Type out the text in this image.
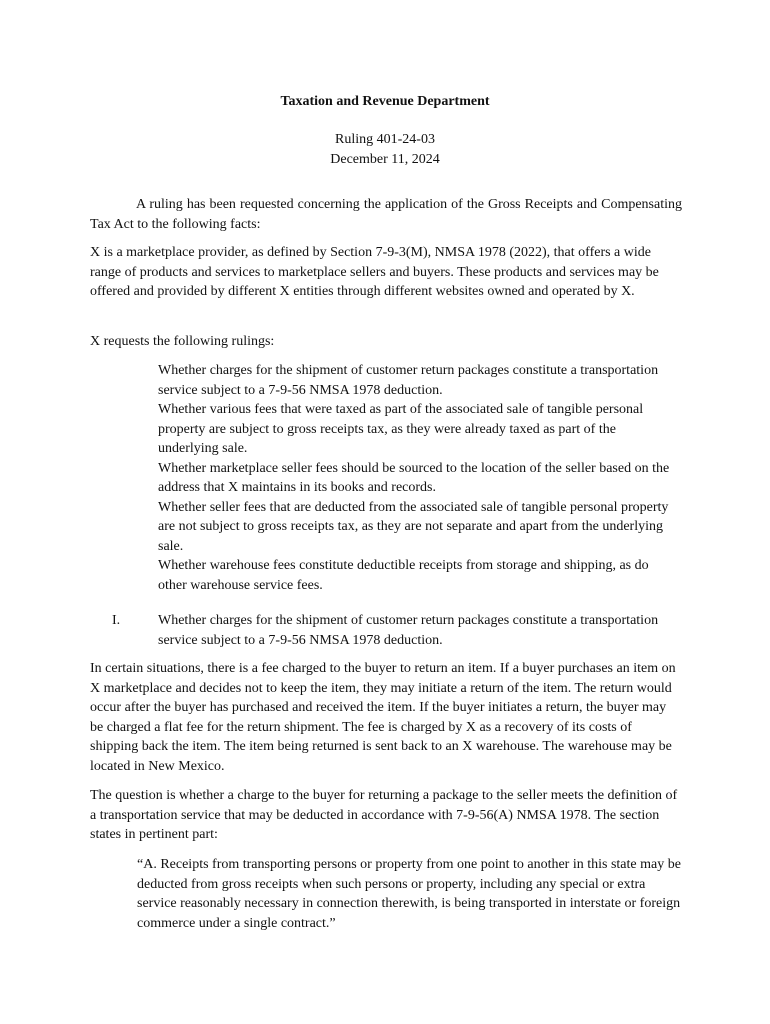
Taxation and Revenue Department
Ruling 401-24-03
December 11, 2024
A ruling has been requested concerning the application of the Gross Receipts and Compensating Tax Act to the following facts:
X is a marketplace provider, as defined by Section 7-9-3(M), NMSA 1978 (2022), that offers a wide range of products and services to marketplace sellers and buyers. These products and services may be offered and provided by different X entities through different websites owned and operated by X.
X requests the following rulings:

Whether charges for the shipment of customer return packages constitute a transportation service subject to a 7-9-56 NMSA 1978 deduction.

Whether various fees that were taxed as part of the associated sale of tangible personal property are subject to gross receipts tax, as they were already taxed as part of the underlying sale.

Whether marketplace seller fees should be sourced to the location of the seller based on the address that X maintains in its books and records.

Whether seller fees that are deducted from the associated sale of tangible personal property are not subject to gross receipts tax, as they are not separate and apart from the underlying sale.

Whether warehouse fees constitute deductible receipts from storage and shipping, as do other warehouse service fees.

I.	Whether charges for the shipment of customer return packages constitute a transportation service subject to a 7-9-56 NMSA 1978 deduction.
In certain situations, there is a fee charged to the buyer to return an item. If a buyer purchases an item on X marketplace and decides not to keep the item, they may initiate a return of the item. The return would occur after the buyer has purchased and received the item. If the buyer initiates a return, the buyer may be charged a flat fee for the return shipment. The fee is charged by X as a recovery of its costs of shipping back the item. The item being returned is sent back to an X warehouse. The warehouse may be located in New Mexico.
The question is whether a charge to the buyer for returning a package to the seller meets the definition of a transportation service that may be deducted in accordance with 7-9-56(A) NMSA 1978. The section states in pertinent part:
“A. Receipts from transporting persons or property from one point to another in this state may be deducted from gross receipts when such persons or property, including any special or extra service reasonably necessary in connection therewith, is being transported in interstate or foreign commerce under a single contract.”
